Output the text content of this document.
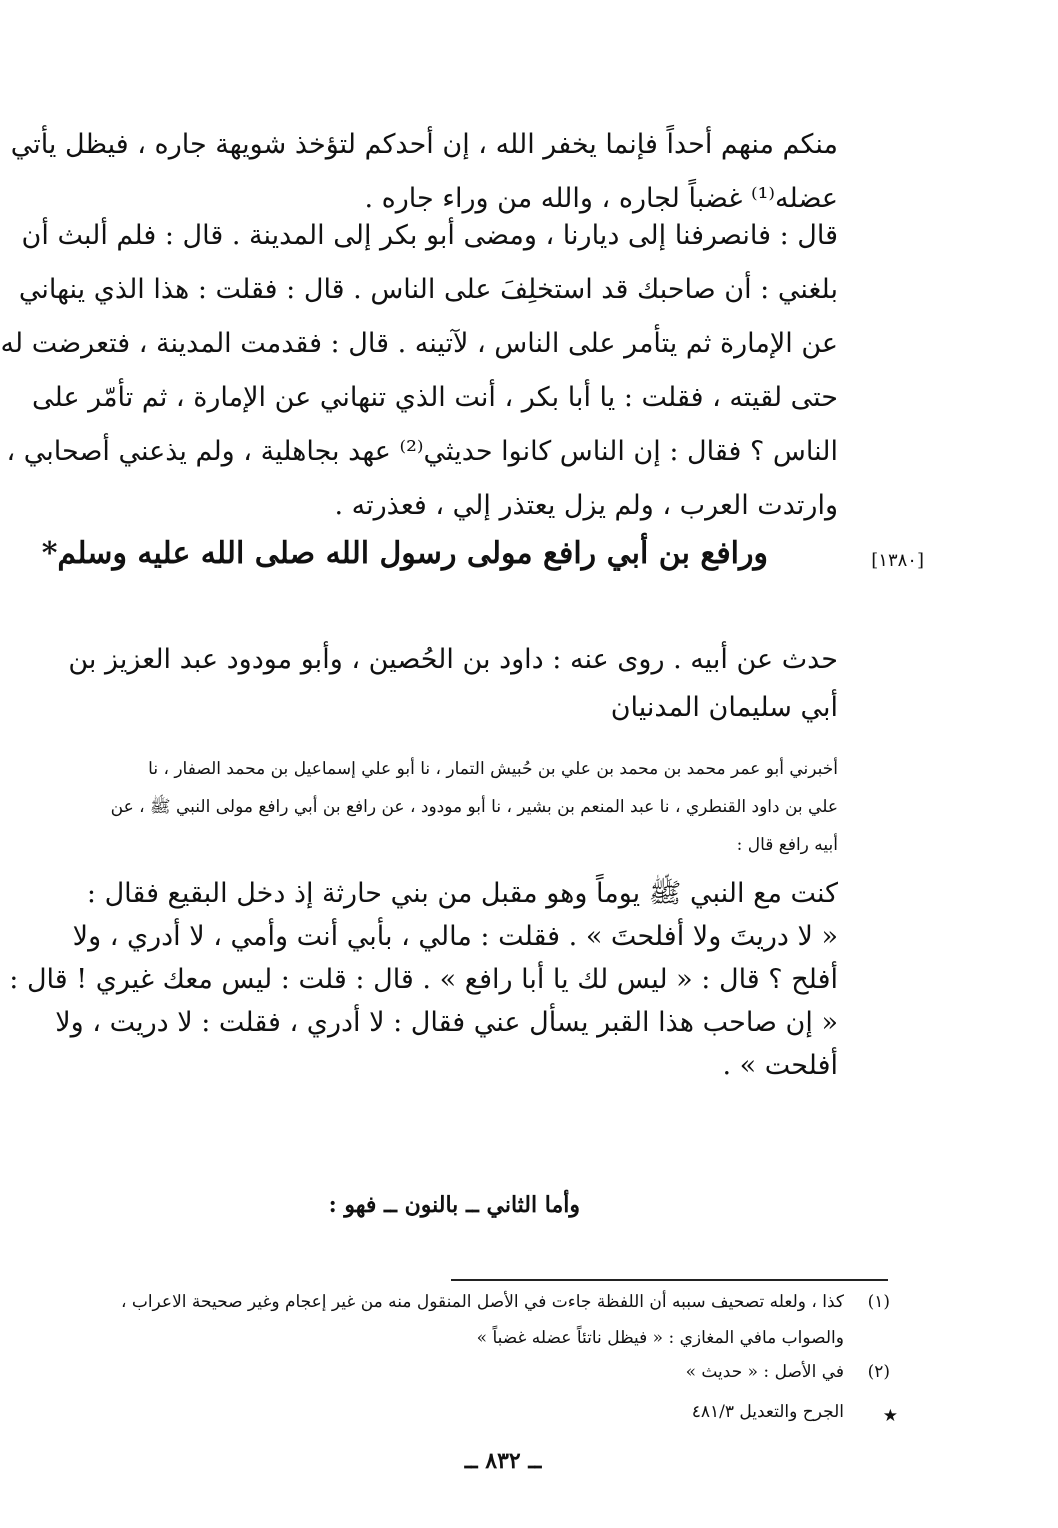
منكم منهم أحداً فإنما يخفر الله ، إن أحدكم لتؤخذ شويهة جاره ، فيظل يأتي
عضله⁽¹⁾ غضباً لجاره ، والله من وراء جاره .
قال : فانصرفنا إلى ديارنا ، ومضى أبو بكر إلى المدينة . قال : فلم ألبث أن
بلغني : أن صاحبك قد استخلِفَ على الناس . قال : فقلت : هذا الذي ينهاني
عن الإمارة ثم يتأمر على الناس ، لآتينه . قال : فقدمت المدينة ، فتعرضت له
حتى لقيته ، فقلت : يا أبا بكر ، أنت الذي تنهاني عن الإمارة ، ثم تأمّر على
الناس ؟ فقال : إن الناس كانوا حديثي⁽²⁾ عهد بجاهلية ، ولم يذعني أصحابي ،
وارتدت العرب ، ولم يزل يعتذر إلي ، فعذرته .
ورافع بن أبي رافع مولى رسول الله صلى الله عليه وسلم*	[١٣٨٠]
حدث عن أبيه . روى عنه : داود بن الحُصين ، وأبو مودود عبد العزيز بن
أبي سليمان المدنيان
أخبرني أبو عمر محمد بن محمد بن علي بن حُبيش التمار ، نا أبو علي إسماعيل بن محمد الصفار ، نا
علي بن داود القنطري ، نا عبد المنعم بن بشير ، نا أبو مودود ، عن رافع بن أبي رافع مولى النبي ﷺ ، عن
أبيه رافع قال :
كنت مع النبي ﷺ يوماً وهو مقبل من بني حارثة إذ دخل البقيع فقال :
« لا دريتَ ولا أفلحتَ » . فقلت : مالي ، بأبي أنت وأمي ، لا أدري ، ولا
أفلح ؟ قال : « ليس لك يا أبا رافع » . قال : قلت : ليس معك غيري ! قال :
« إن صاحب هذا القبر يسأل عني فقال : لا أدري ، فقلت : لا دريت ، ولا
أفلحت » .
وأما الثاني ــ بالنون ــ فهو :
(١)
كذا ، ولعله تصحيف سببه أن اللفظة جاءت في الأصل المنقول منه من غير إعجام وغير صحيحة الاعراب ،
والصواب مافي المغازي : « فيظل ناتئاً عضله غضباً »
(٢)
في الأصل : « حديث »
★
الجرح والتعديل ٤٨١/٣
ــ ٨٣٢ ــ
